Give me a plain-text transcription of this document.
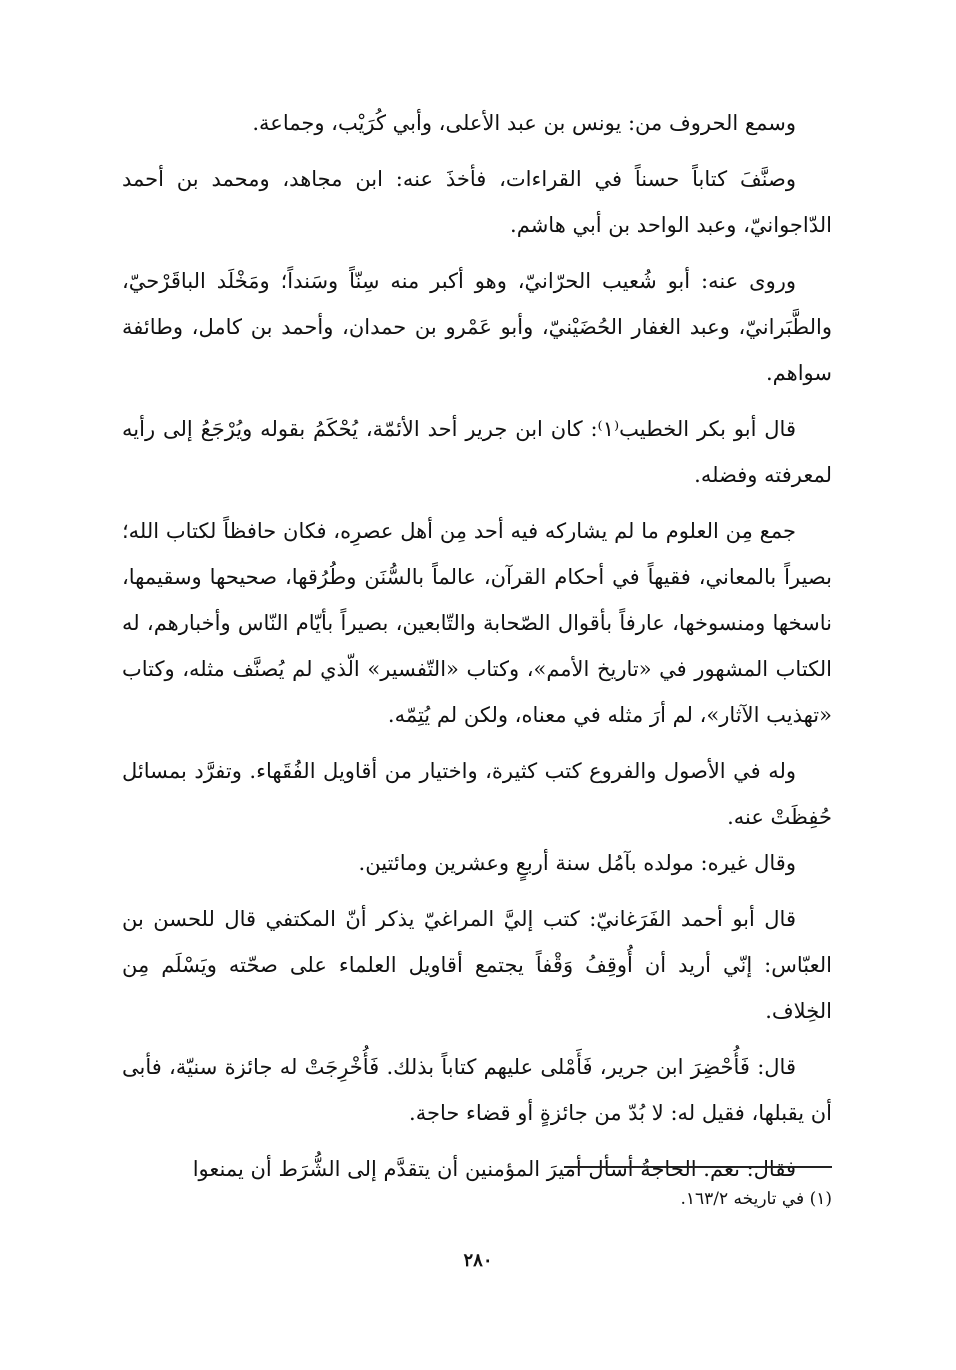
وسمع الحروف من: يونس بن عبد الأعلى، وأبي كُرَيْب، وجماعة.

وصنَّفَ كتاباً حسناً في القراءات، فأخذَ عنه: ابن مجاهد، ومحمد بن أحمد الدّاجوانيّ، وعبد الواحد بن أبي هاشم.

وروى عنه: أبو شُعيب الحرّانيّ، وهو أكبر منه سِنّاً وسَنداً؛ ومَخْلَد الباقَرْحيّ، والطَّبَرانيّ، وعبد الغفار الحُضَيْنيّ، وأبو عَمْرو بن حمدان، وأحمد بن كامل، وطائفة سواهم.

قال أبو بكر الخطيب⁽١⁾: كان ابن جرير أحد الأئمّة، يُحْكَمُ بقوله ويُرْجَعُ إلى رأيه لمعرفته وفضله.

جمع مِن العلوم ما لم يشاركه فيه أحد مِن أهل عصرِه، فكان حافظاً لكتاب الله؛ بصيراً بالمعاني، فقيهاً في أحكام القرآن، عالماً بالسُّنَن وطُرُقها، صحيحها وسقيمها، ناسخها ومنسوخها، عارفاً بأقوال الصّحابة والتّابعين، بصيراً بأيّام النّاس وأخبارهم، له الكتاب المشهور في «تاريخ الأمم»، وكتاب «التّفسير» الّذي لم يُصنَّف مثله، وكتاب «تهذيب الآثار»، لم أرَ مثله في معناه، ولكن لم يُتِمّه.

وله في الأصول والفروع كتب كثيرة، واختيار من أقاويل الفُقَهاء. وتفرَّد بمسائل حُفِظَتْ عنه.

وقال غيره: مولده بآمُل سنة أربعٍ وعشرين ومائتين.

قال أبو أحمد الفَرَغانيّ: كتب إليَّ المراغيّ يذكر أنّ المكتفي قال للحسن بن العبّاس: إنّي أريد أن أُوقِفُ وَقْفاً يجتمع أقاويل العلماء على صحّته ويَسْلَم مِن الخِلاف.

قال: فَأُحْضِرَ ابن جرير، فَأَمْلى عليهم كتاباً بذلك. فَأُخْرِجَتْ له جائزة سنيّة، فأبى أن يقبلها، فقيل له: لا بُدّ من جائزةٍ أو قضاء حاجة.

فقال: نعم. الحاجةُ أسأل أميرَ المؤمنين أن يتقدَّم إلى الشُّرَط أن يمنعوا

(١) في تاريخه ١٦٣/٢.

٢٨٠
